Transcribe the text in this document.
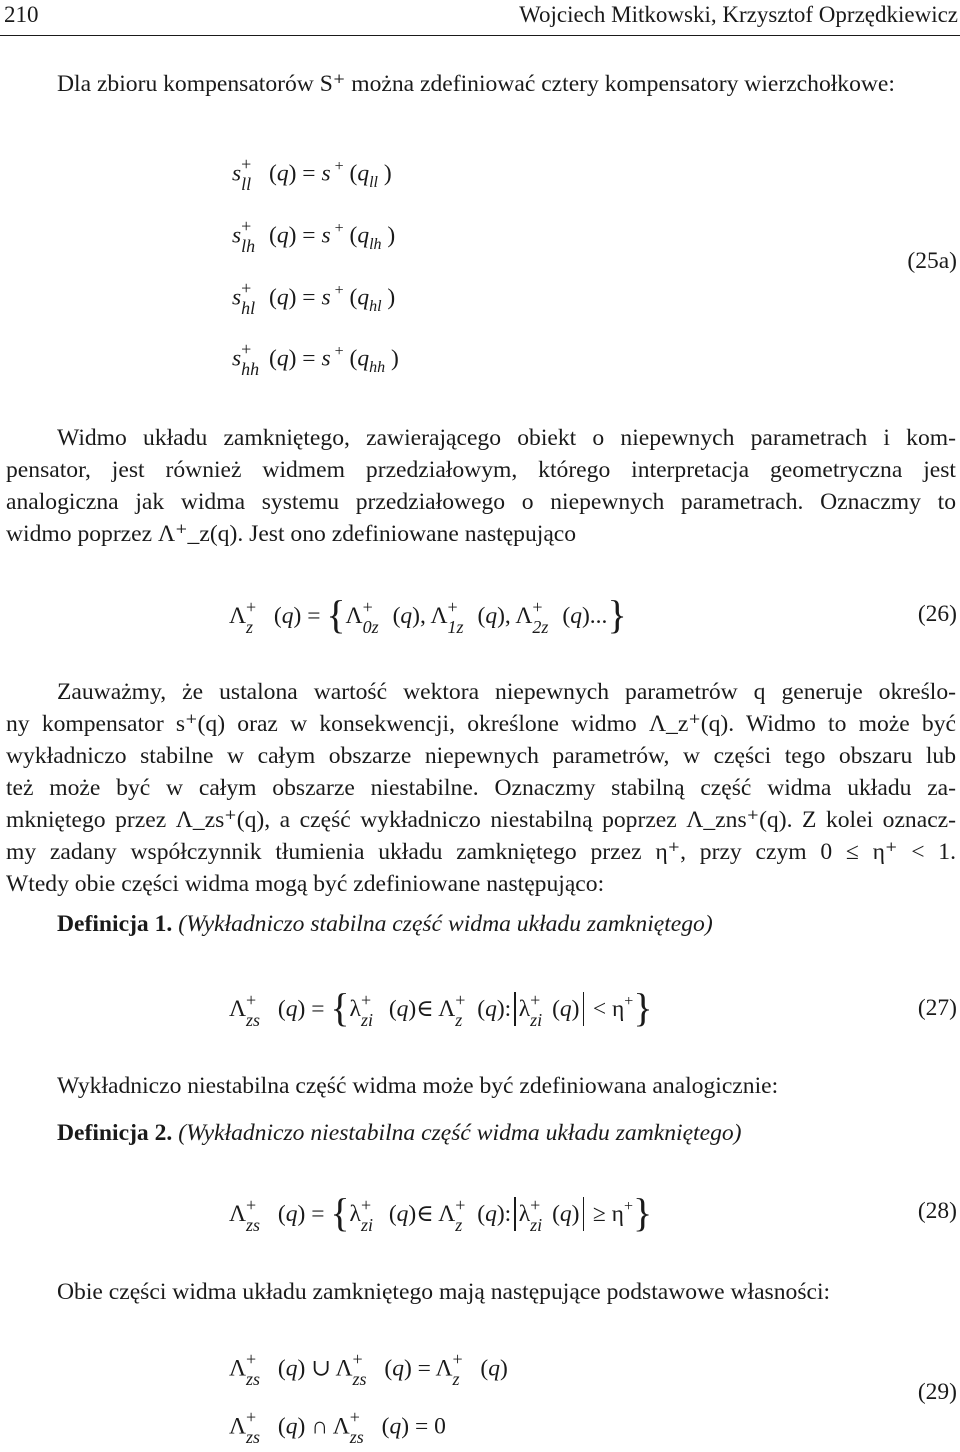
210	Wojciech Mitkowski, Krzysztof Oprzędkiewicz
Dla zbioru kompensatorów S⁺ można zdefiniować cztery kompensatory wierzchołkowe:
s +
ll (q) = s + ($q_{ll}$ )
s +
lh (q) = s + ($q_{lh}$ )
s +
hl (q) = s + ($q_{hl}$ )
s +
hh (q) = s + ($q_{hh}$ )
(25a)
Widmo układu zamkniętego, zawierającego obiekt o niepewnych parametrach i kom-
pensator, jest również widmem przedziałowym, którego interpretacja geometryczna jest
analogiczna jak widma systemu przedziałowego o niepewnych parametrach. Oznaczmy to
widmo poprzez Λ⁺_z(q). Jest ono zdefiniowane następująco
Λ +
z (q) = {Λ +
0z (q), Λ +
1z (q), Λ +
2z (q)...}	(26)
Zauważmy, że ustalona wartość wektora niepewnych parametrów q generuje określo-
ny kompensator s⁺(q) oraz w konsekwencji, określone widmo Λ_z⁺(q). Widmo to może być
wykładniczo stabilne w całym obszarze niepewnych parametrów, w części tego obszaru lub
też może być w całym obszarze niestabilne. Oznaczmy stabilną część widma układu za-
mkniętego przez Λ_zs⁺(q), a część wykładniczo niestabilną poprzez Λ_zns⁺(q). Z kolei oznacz-
my zadany współczynnik tłumienia układu zamkniętego przez η⁺, przy czym 0 ≤ η⁺ < 1.
Wtedy obie części widma mogą być zdefiniowane następująco:
Definicja 1. (Wykładniczo stabilna część widma układu zamkniętego)
Λ +
zs (q) = {λ +
zi (q)∈ Λ +
z (q): λ +
zi (q) < η+}	(27)
Wykładniczo niestabilna część widma może być zdefiniowana analogicznie:
Definicja 2. (Wykładniczo niestabilna część widma układu zamkniętego)
Λ +
zs (q) = {λ +
zi (q)∈ Λ +
z (q): λ +
zi (q) ≥ η+}	(28)
Obie części widma układu zamkniętego mają następujące podstawowe własności:
Λ +
zs (q) ∪ Λ +
zs (q) = Λ +
z (q)
Λ +
zs (q) ∩ Λ +
zs (q) = 0
(29)
